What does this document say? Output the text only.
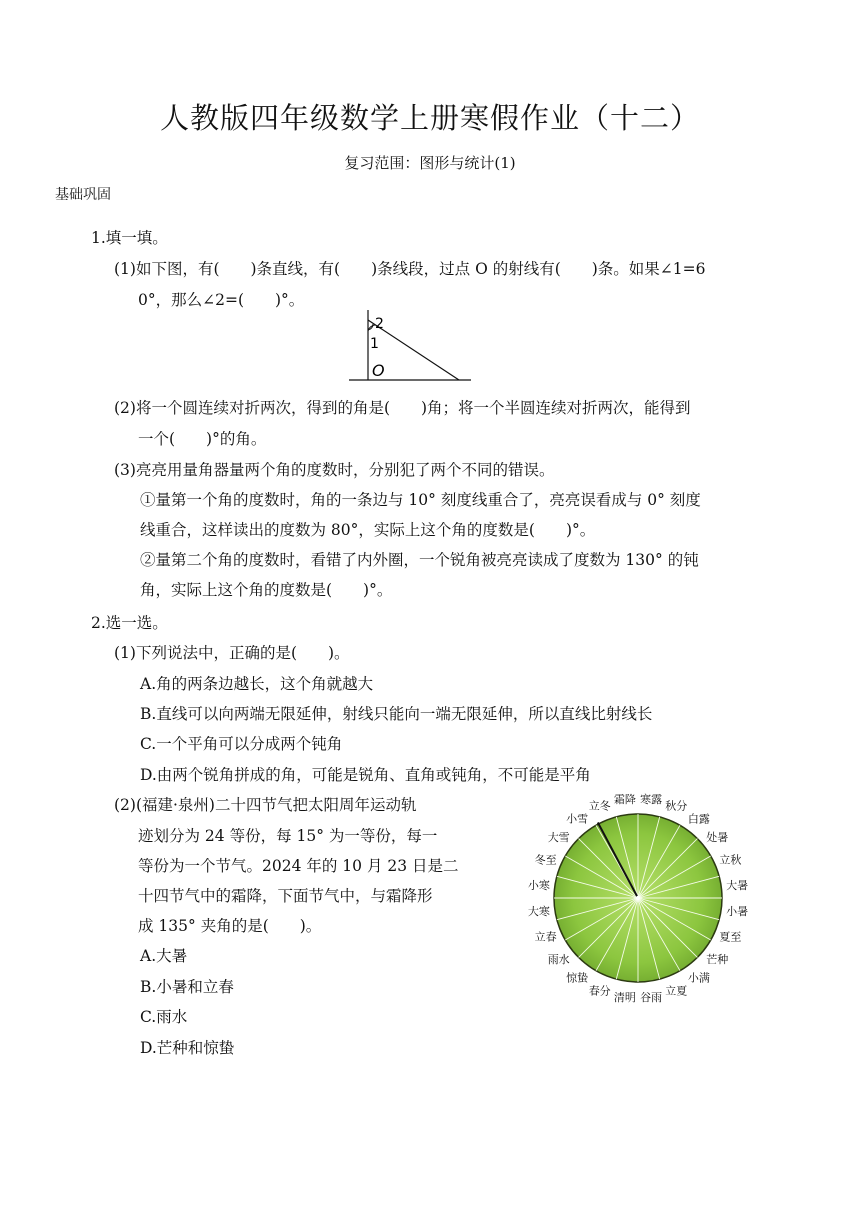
人教版四年级数学上册寒假作业（十二）
复习范围：图形与统计(1)
基础巩固
1.填一填。
(1)如下图，有(　　)条直线，有(　　)条线段，过点 O 的射线有(　　)条。如果∠1=6
0°，那么∠2=(　　)°。
2
1
O
(2)将一个圆连续对折两次，得到的角是(　　)角；将一个半圆连续对折两次，能得到
一个(　　)°的角。
(3)亮亮用量角器量两个角的度数时，分别犯了两个不同的错误。
①量第一个角的度数时，角的一条边与 10° 刻度线重合了，亮亮误看成与 0° 刻度
线重合，这样读出的度数为 80°，实际上这个角的度数是(　　)°。
②量第二个角的度数时，看错了内外圈，一个锐角被亮亮读成了度数为 130° 的钝
角，实际上这个角的度数是(　　)°。
2.选一选。
(1)下列说法中，正确的是(　　)。
A.角的两条边越长，这个角就越大
B.直线可以向两端无限延伸，射线只能向一端无限延伸，所以直线比射线长
C.一个平角可以分成两个钝角
D.由两个锐角拼成的角，可能是锐角、直角或钝角，不可能是平角
(2)(福建·泉州)二十四节气把太阳周年运动轨
迹划分为 24 等份，每 15° 为一等份，每一
等份为一个节气。2024 年的 10 月 23 日是二
十四节气中的霜降，下面节气中，与霜降形
成 135° 夹角的是(　　)。
A.大暑
B.小暑和立春
C.雨水
D.芒种和惊蛰
寒露
秋分
白露
处暑
立秋
大暑
小暑
夏至
芒种
小满
立夏
谷雨
清明
春分
惊蛰
雨水
立春
大寒
小寒
冬至
大雪
小雪
立冬
霜降
